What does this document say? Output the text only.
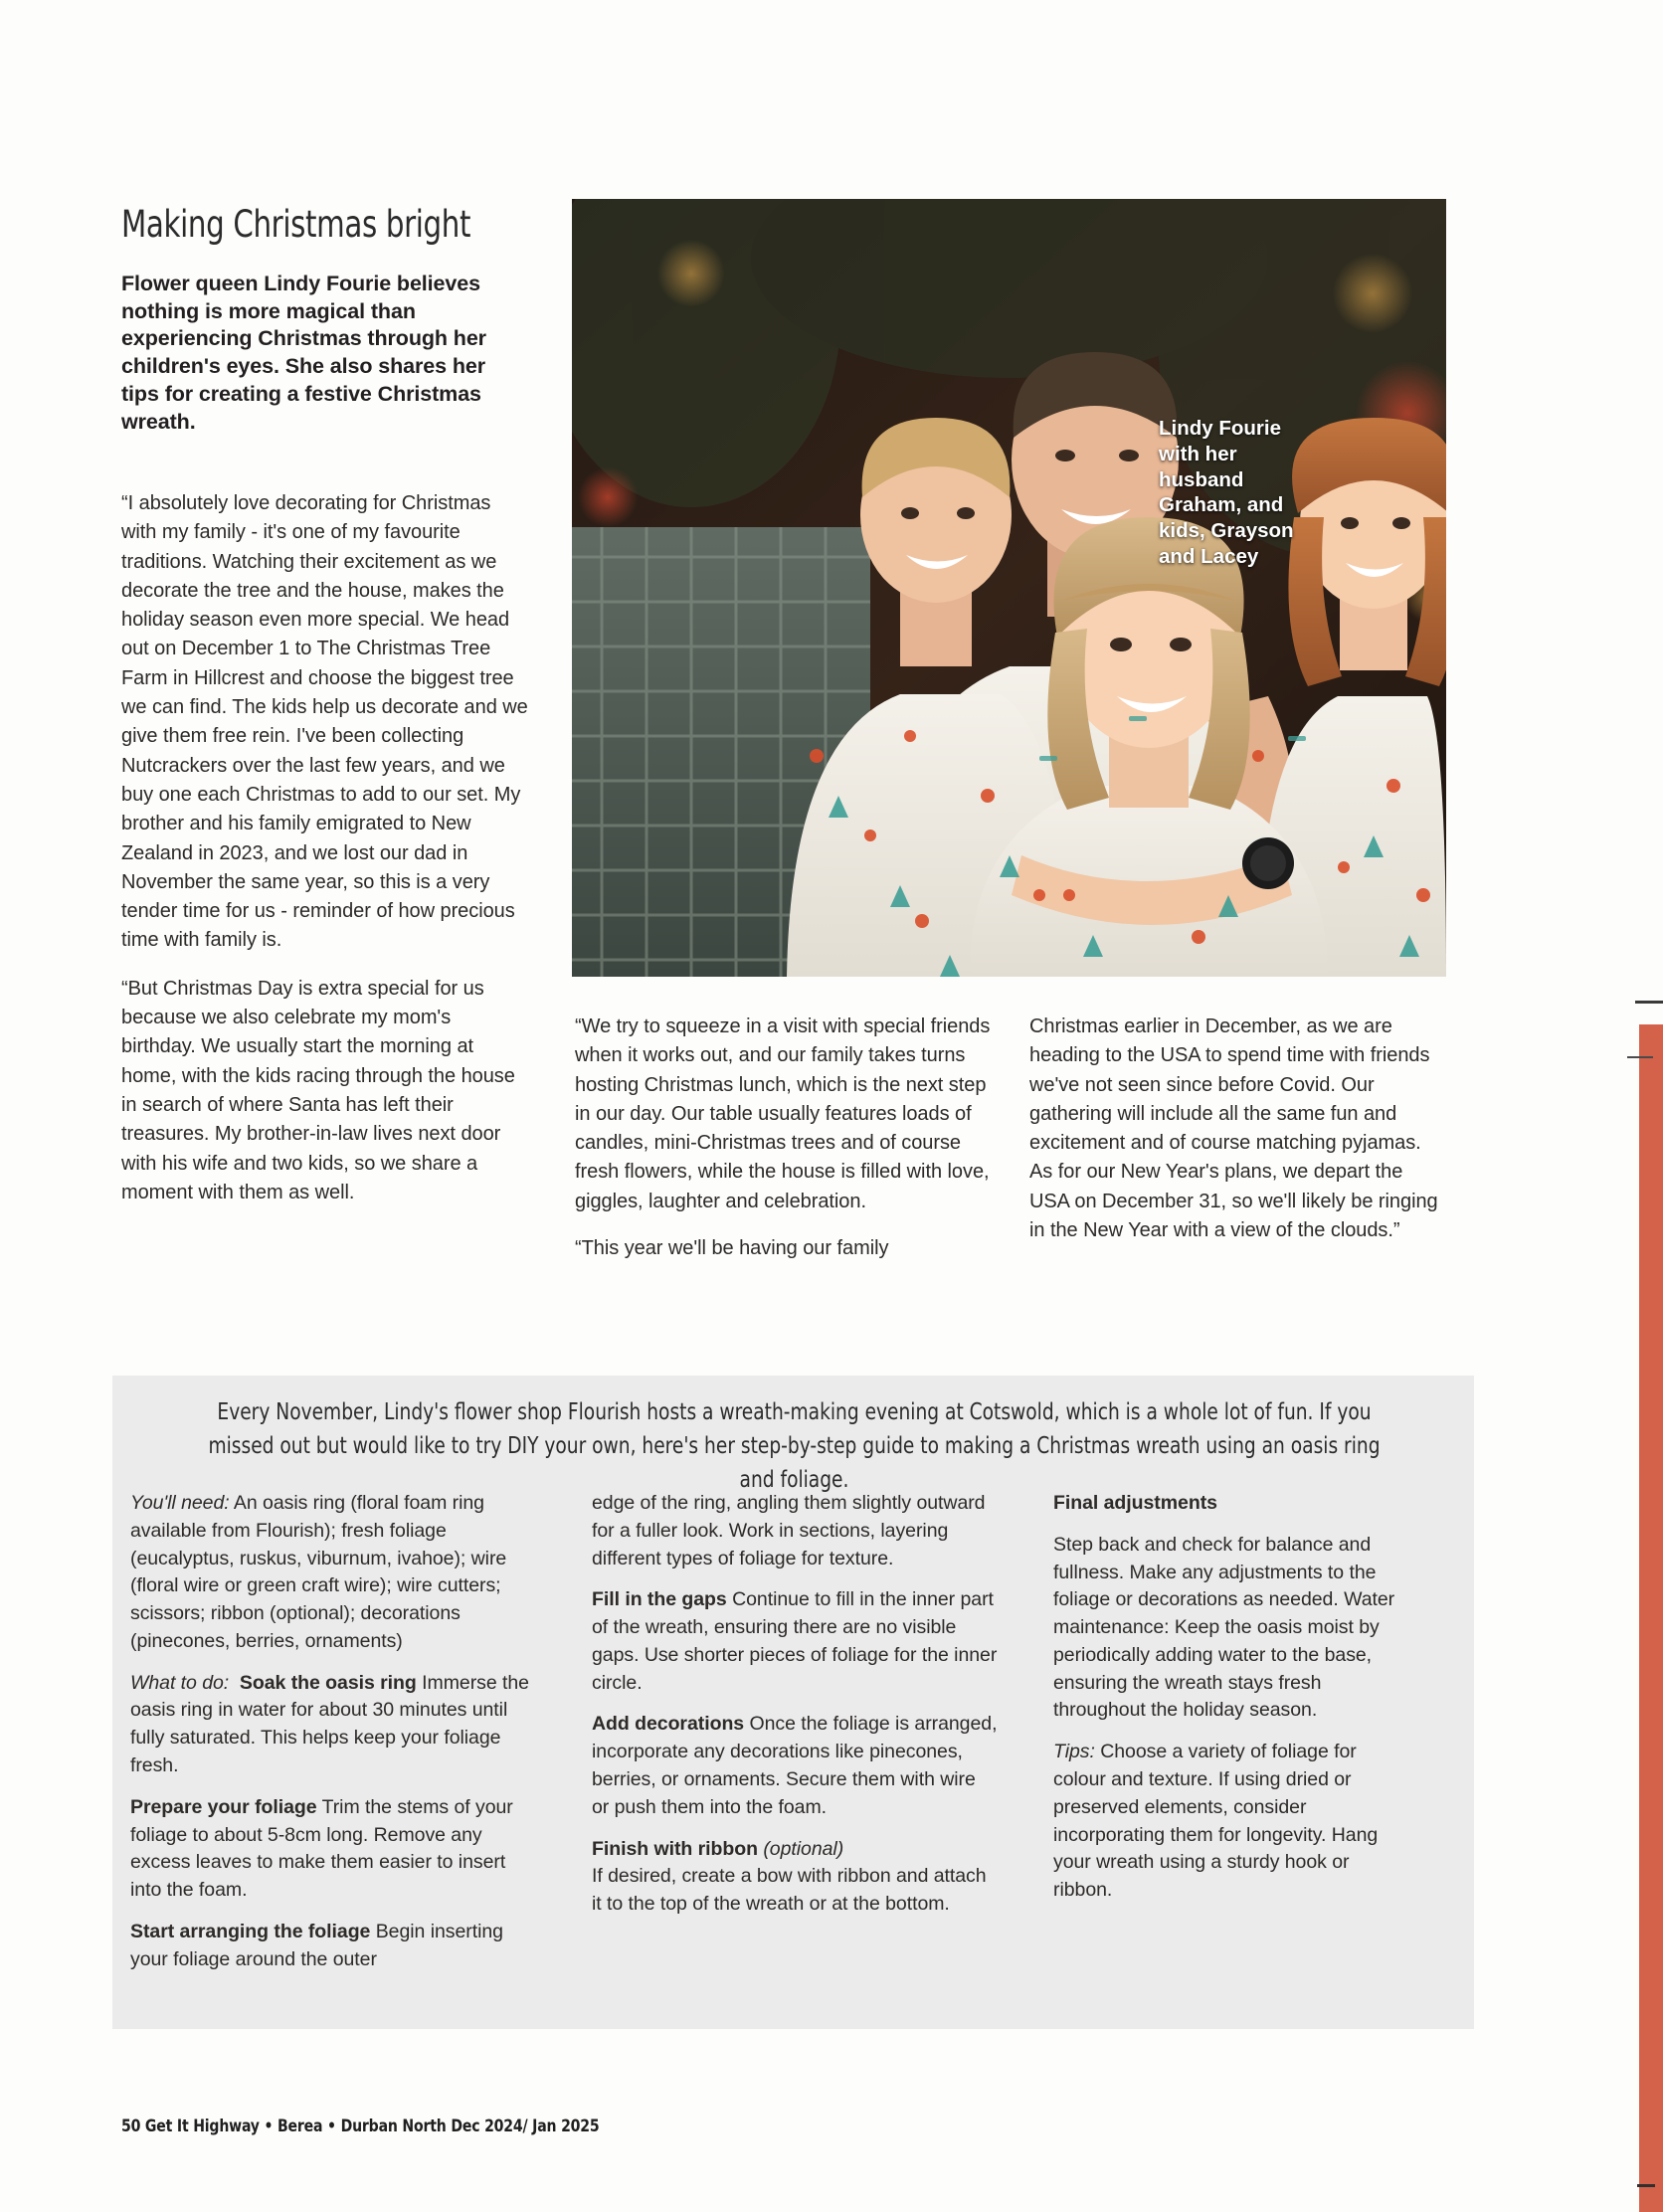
Making Christmas bright
Flower queen Lindy Fourie believes nothing is more magical than experiencing Christmas through her children's eyes. She also shares her tips for creating a festive Christmas wreath.

“I absolutely love decorating for Christmas with my family - it's one of my favourite traditions. Watching their excitement as we decorate the tree and the house, makes the holiday season even more special. We head out on December 1 to The Christmas Tree Farm in Hillcrest and choose the biggest tree we can find. The kids help us decorate and we give them free rein. I've been collecting Nutcrackers over the last few years, and we buy one each Christmas to add to our set. My brother and his family emigrated to New Zealand in 2023, and we lost our dad in November the same year, so this is a very tender time for us - reminder of how precious time with family is.

“But Christmas Day is extra special for us because we also celebrate my mom's birthday. We usually start the morning at home, with the kids racing through the house in search of where Santa has left their treasures. My brother-in-law lives next door with his wife and two kids, so we share a moment with them as well.

Lindy Fourie with her husband Graham, and kids, Grayson and Lacey

“We try to squeeze in a visit with special friends when it works out, and our family takes turns hosting Christmas lunch, which is the next step in our day. Our table usually features loads of candles, mini-Christmas trees and of course fresh flowers, while the house is filled with love, giggles, laughter and celebration.

“This year we'll be having our family

Christmas earlier in December, as we are heading to the USA to spend time with friends we've not seen since before Covid. Our gathering will include all the same fun and excitement and of course matching pyjamas. As for our New Year's plans, we depart the USA on December 31, so we'll likely be ringing in the New Year with a view of the clouds.”

Every November, Lindy's flower shop Flourish hosts a wreath-making evening at Cotswold, which is a whole lot of fun. If you missed out but would like to try DIY your own, here's her step-by-step guide to making a Christmas wreath using an oasis ring and foliage.

You'll need: An oasis ring (floral foam ring available from Flourish); fresh foliage (eucalyptus, ruskus, viburnum, ivahoe); wire (floral wire or green craft wire); wire cutters; scissors; ribbon (optional); decorations (pinecones, berries, ornaments)

What to do: Soak the oasis ring Immerse the oasis ring in water for about 30 minutes until fully saturated. This helps keep your foliage fresh.

Prepare your foliage Trim the stems of your foliage to about 5-8cm long. Remove any excess leaves to make them easier to insert into the foam.

Start arranging the foliage Begin inserting your foliage around the outer

edge of the ring, angling them slightly outward for a fuller look. Work in sections, layering different types of foliage for texture.

Fill in the gaps Continue to fill in the inner part of the wreath, ensuring there are no visible gaps. Use shorter pieces of foliage for the inner circle.

Add decorations Once the foliage is arranged, incorporate any decorations like pinecones, berries, or ornaments. Secure them with wire or push them into the foam.

Finish with ribbon (optional)
If desired, create a bow with ribbon and attach it to the top of the wreath or at the bottom.

Final adjustments

Step back and check for balance and fullness. Make any adjustments to the foliage or decorations as needed. Water maintenance: Keep the oasis moist by periodically adding water to the base, ensuring the wreath stays fresh throughout the holiday season.

Tips: Choose a variety of foliage for colour and texture. If using dried or preserved elements, consider incorporating them for longevity. Hang your wreath using a sturdy hook or ribbon.

50 Get It Highway • Berea • Durban North Dec 2024/ Jan 2025
